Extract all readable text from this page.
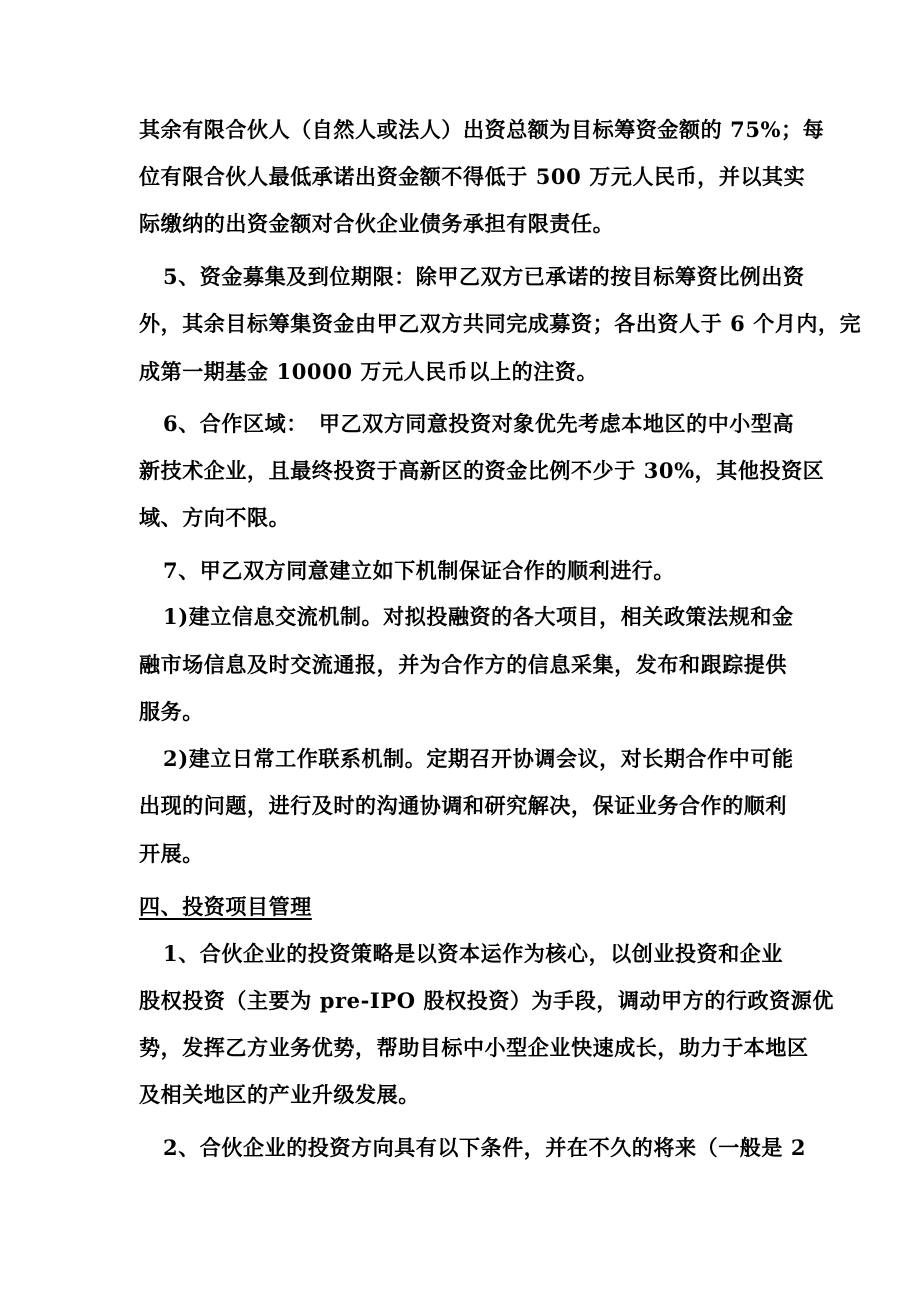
其余有限合伙人（自然人或法人）出资总额为目标筹资金额的 75%；每
位有限合伙人最低承诺出资金额不得低于 500 万元人民币，并以其实
际缴纳的出资金额对合伙企业债务承担有限责任。
5、资金募集及到位期限：除甲乙双方已承诺的按目标筹资比例出资
外，其余目标筹集资金由甲乙双方共同完成募资；各出资人于 6 个月内，完
成第一期基金 10000 万元人民币以上的注资。
6、合作区域：　甲乙双方同意投资对象优先考虑本地区的中小型高
新技术企业，且最终投资于高新区的资金比例不少于 30%，其他投资区
域、方向不限。
7、甲乙双方同意建立如下机制保证合作的顺利进行。
1)建立信息交流机制。对拟投融资的各大项目，相关政策法规和金
融市场信息及时交流通报，并为合作方的信息采集，发布和跟踪提供
服务。
2)建立日常工作联系机制。定期召开协调会议，对长期合作中可能
出现的问题，进行及时的沟通协调和研究解决，保证业务合作的顺利
开展。
四、投资项目管理
1、合伙企业的投资策略是以资本运作为核心，以创业投资和企业
股权投资（主要为 pre-IPO 股权投资）为手段，调动甲方的行政资源优
势，发挥乙方业务优势，帮助目标中小型企业快速成长，助力于本地区
及相关地区的产业升级发展。
2、合伙企业的投资方向具有以下条件，并在不久的将来（一般是 2
